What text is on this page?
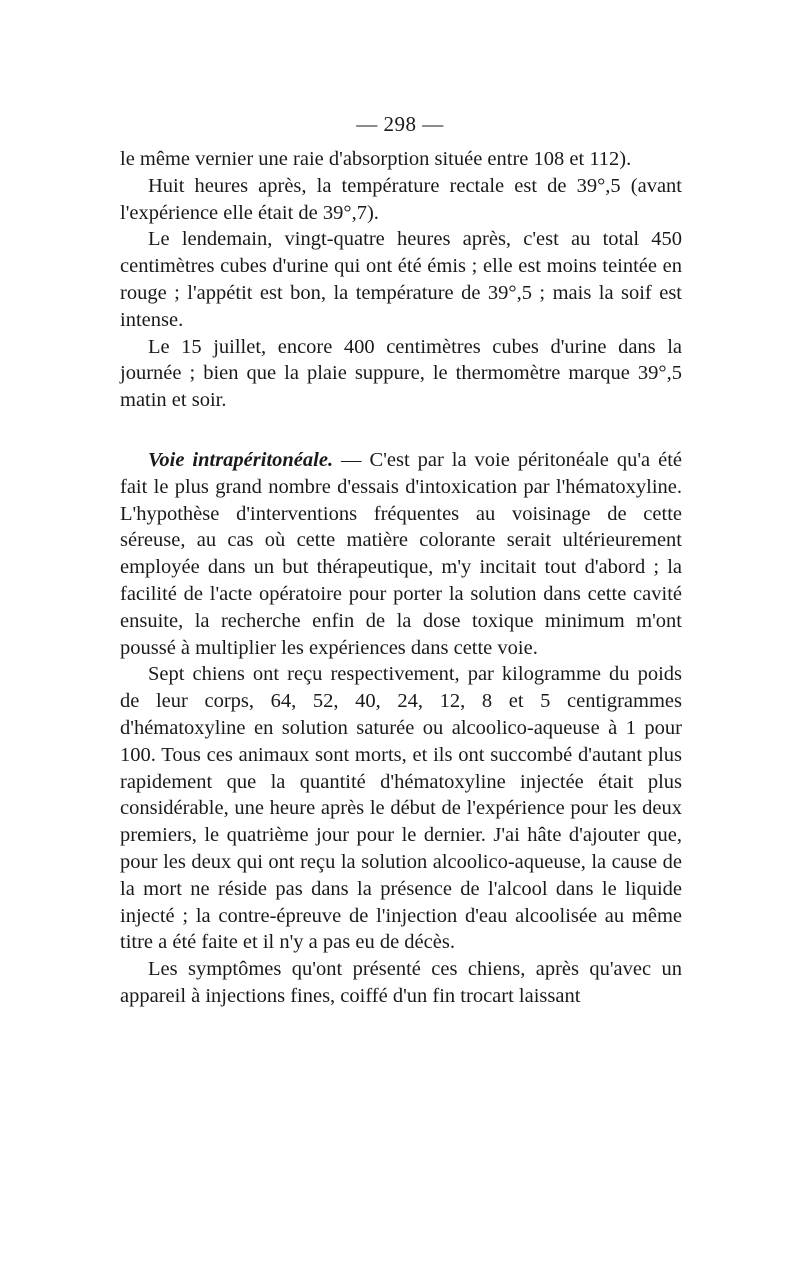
— 298 —

le même vernier une raie d'absorption située entre 108 et 112).

Huit heures après, la température rectale est de 39°,5 (avant l'expérience elle était de 39°,7).

Le lendemain, vingt-quatre heures après, c'est au total 450 centimètres cubes d'urine qui ont été émis ; elle est moins teintée en rouge ; l'appétit est bon, la température de 39°,5 ; mais la soif est intense.

Le 15 juillet, encore 400 centimètres cubes d'urine dans la journée ; bien que la plaie suppure, le thermomètre marque 39°,5 matin et soir.

Voie intrapéritonéale. — C'est par la voie péritonéale qu'a été fait le plus grand nombre d'essais d'intoxication par l'hématoxyline. L'hypothèse d'interventions fréquentes au voisinage de cette séreuse, au cas où cette matière colorante serait ultérieurement employée dans un but thérapeutique, m'y incitait tout d'abord ; la facilité de l'acte opératoire pour porter la solution dans cette cavité ensuite, la recherche enfin de la dose toxique minimum m'ont poussé à multiplier les expériences dans cette voie.

Sept chiens ont reçu respectivement, par kilogramme du poids de leur corps, 64, 52, 40, 24, 12, 8 et 5 centigrammes d'hématoxyline en solution saturée ou alcoolico-aqueuse à 1 pour 100. Tous ces animaux sont morts, et ils ont succombé d'autant plus rapidement que la quantité d'hématoxyline injectée était plus considérable, une heure après le début de l'expérience pour les deux premiers, le quatrième jour pour le dernier. J'ai hâte d'ajouter que, pour les deux qui ont reçu la solution alcoolico-aqueuse, la cause de la mort ne réside pas dans la présence de l'alcool dans le liquide injecté ; la contre-épreuve de l'injection d'eau alcoolisée au même titre a été faite et il n'y a pas eu de décès.

Les symptômes qu'ont présenté ces chiens, après qu'avec un appareil à injections fines, coiffé d'un fin trocart laissant
